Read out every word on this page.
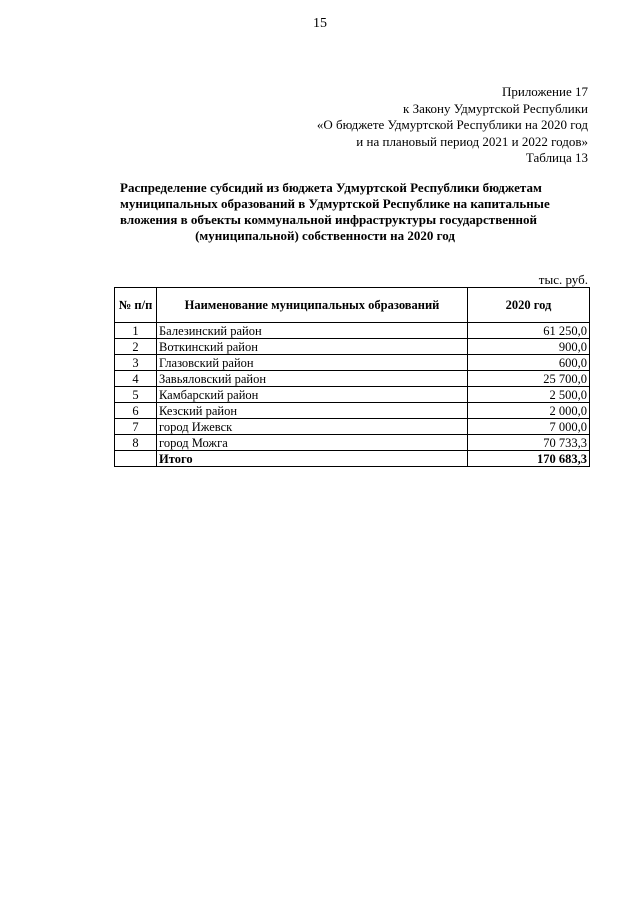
15
Приложение 17
к Закону Удмуртской Республики
«О бюджете Удмуртской Республики на 2020 год
и на плановый период 2021 и 2022 годов»
Таблица 13
Распределение субсидий из бюджета Удмуртской Республики бюджетам
муниципальных образований в Удмуртской Республике на капитальные
вложения в объекты коммунальной инфраструктуры государственной
(муниципальной) собственности на 2020 год
тыс. руб.
№ п/п	Наименование муниципальных образований	2020 год
1	Балезинский район	61 250,0
2	Воткинский район	900,0
3	Глазовский район	600,0
4	Завьяловский район	25 700,0
5	Камбарский район	2 500,0
6	Кезский район	2 000,0
7	город Ижевск	7 000,0
8	город Можга	70 733,3
	Итого	170 683,3
